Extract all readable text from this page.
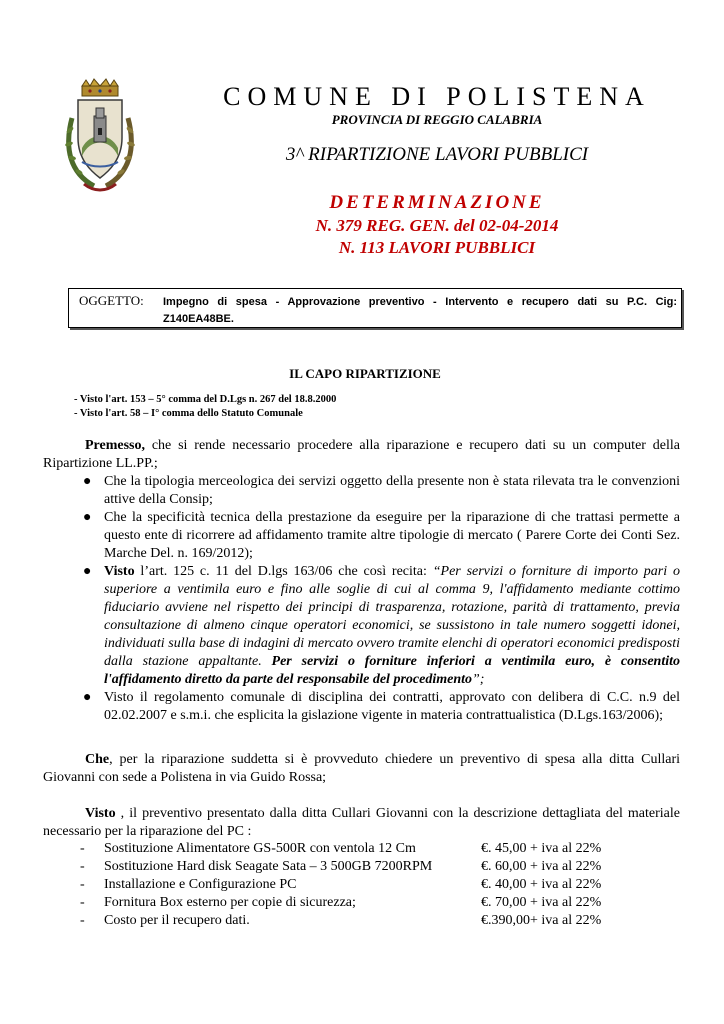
COMUNE DI POLISTENA
PROVINCIA DI REGGIO CALABRIA
3^ RIPARTIZIONE LAVORI PUBBLICI
DETERMINAZIONE
N. 379 REG. GEN. del 02-04-2014
N. 113 LAVORI PUBBLICI
OGGETTO: Impegno di spesa - Approvazione preventivo - Intervento e recupero dati su P.C. Cig: Z140EA48BE.
IL CAPO RIPARTIZIONE
- Visto l'art. 153 – 5° comma del D.Lgs n. 267 del 18.8.2000
- Visto l'art. 58 – I° comma dello Statuto Comunale
Premesso, che si rende necessario procedere alla riparazione e recupero dati su un computer della Ripartizione LL.PP.;
● Che la tipologia merceologica dei servizi oggetto della presente non è stata rilevata tra le convenzioni attive della Consip;
● Che la specificità tecnica della prestazione da eseguire per la riparazione di che trattasi permette a questo ente di ricorrere ad affidamento tramite altre tipologie di mercato ( Parere Corte dei Conti Sez. Marche Del. n. 169/2012);
● Visto l’art. 125 c. 11 del D.lgs 163/06 che così recita: “Per servizi o forniture di importo pari o superiore a ventimila euro e fino alle soglie di cui al comma 9, l'affidamento mediante cottimo fiduciario avviene nel rispetto dei principi di trasparenza, rotazione, parità di trattamento, previa consultazione di almeno cinque operatori economici, se sussistono in tale numero soggetti idonei, individuati sulla base di indagini di mercato ovvero tramite elenchi di operatori economici predisposti dalla stazione appaltante. Per servizi o forniture inferiori a ventimila euro, è consentito l'affidamento diretto da parte del responsabile del procedimento”;
● Visto il regolamento comunale di disciplina dei contratti, approvato con delibera di C.C. n.9 del 02.02.2007 e s.m.i. che esplicita la gislazione vigente in materia contrattualistica (D.Lgs.163/2006);
Che, per la riparazione suddetta si è provveduto chiedere un preventivo di spesa alla ditta Cullari Giovanni con sede a Polistena in via Guido Rossa;
Visto , il preventivo presentato dalla ditta Cullari Giovanni con la descrizione dettagliata del materiale necessario per la riparazione del PC :
- Sostituzione Alimentatore GS-500R con ventola 12 Cm	€. 45,00 + iva al 22%
- Sostituzione Hard disk Seagate Sata – 3 500GB 7200RPM	€. 60,00 + iva al 22%
- Installazione e Configurazione PC	€. 40,00 + iva al 22%
- Fornitura Box esterno per copie di sicurezza;	€. 70,00 + iva al 22%
- Costo per il recupero dati.	€.390,00+ iva al 22%
